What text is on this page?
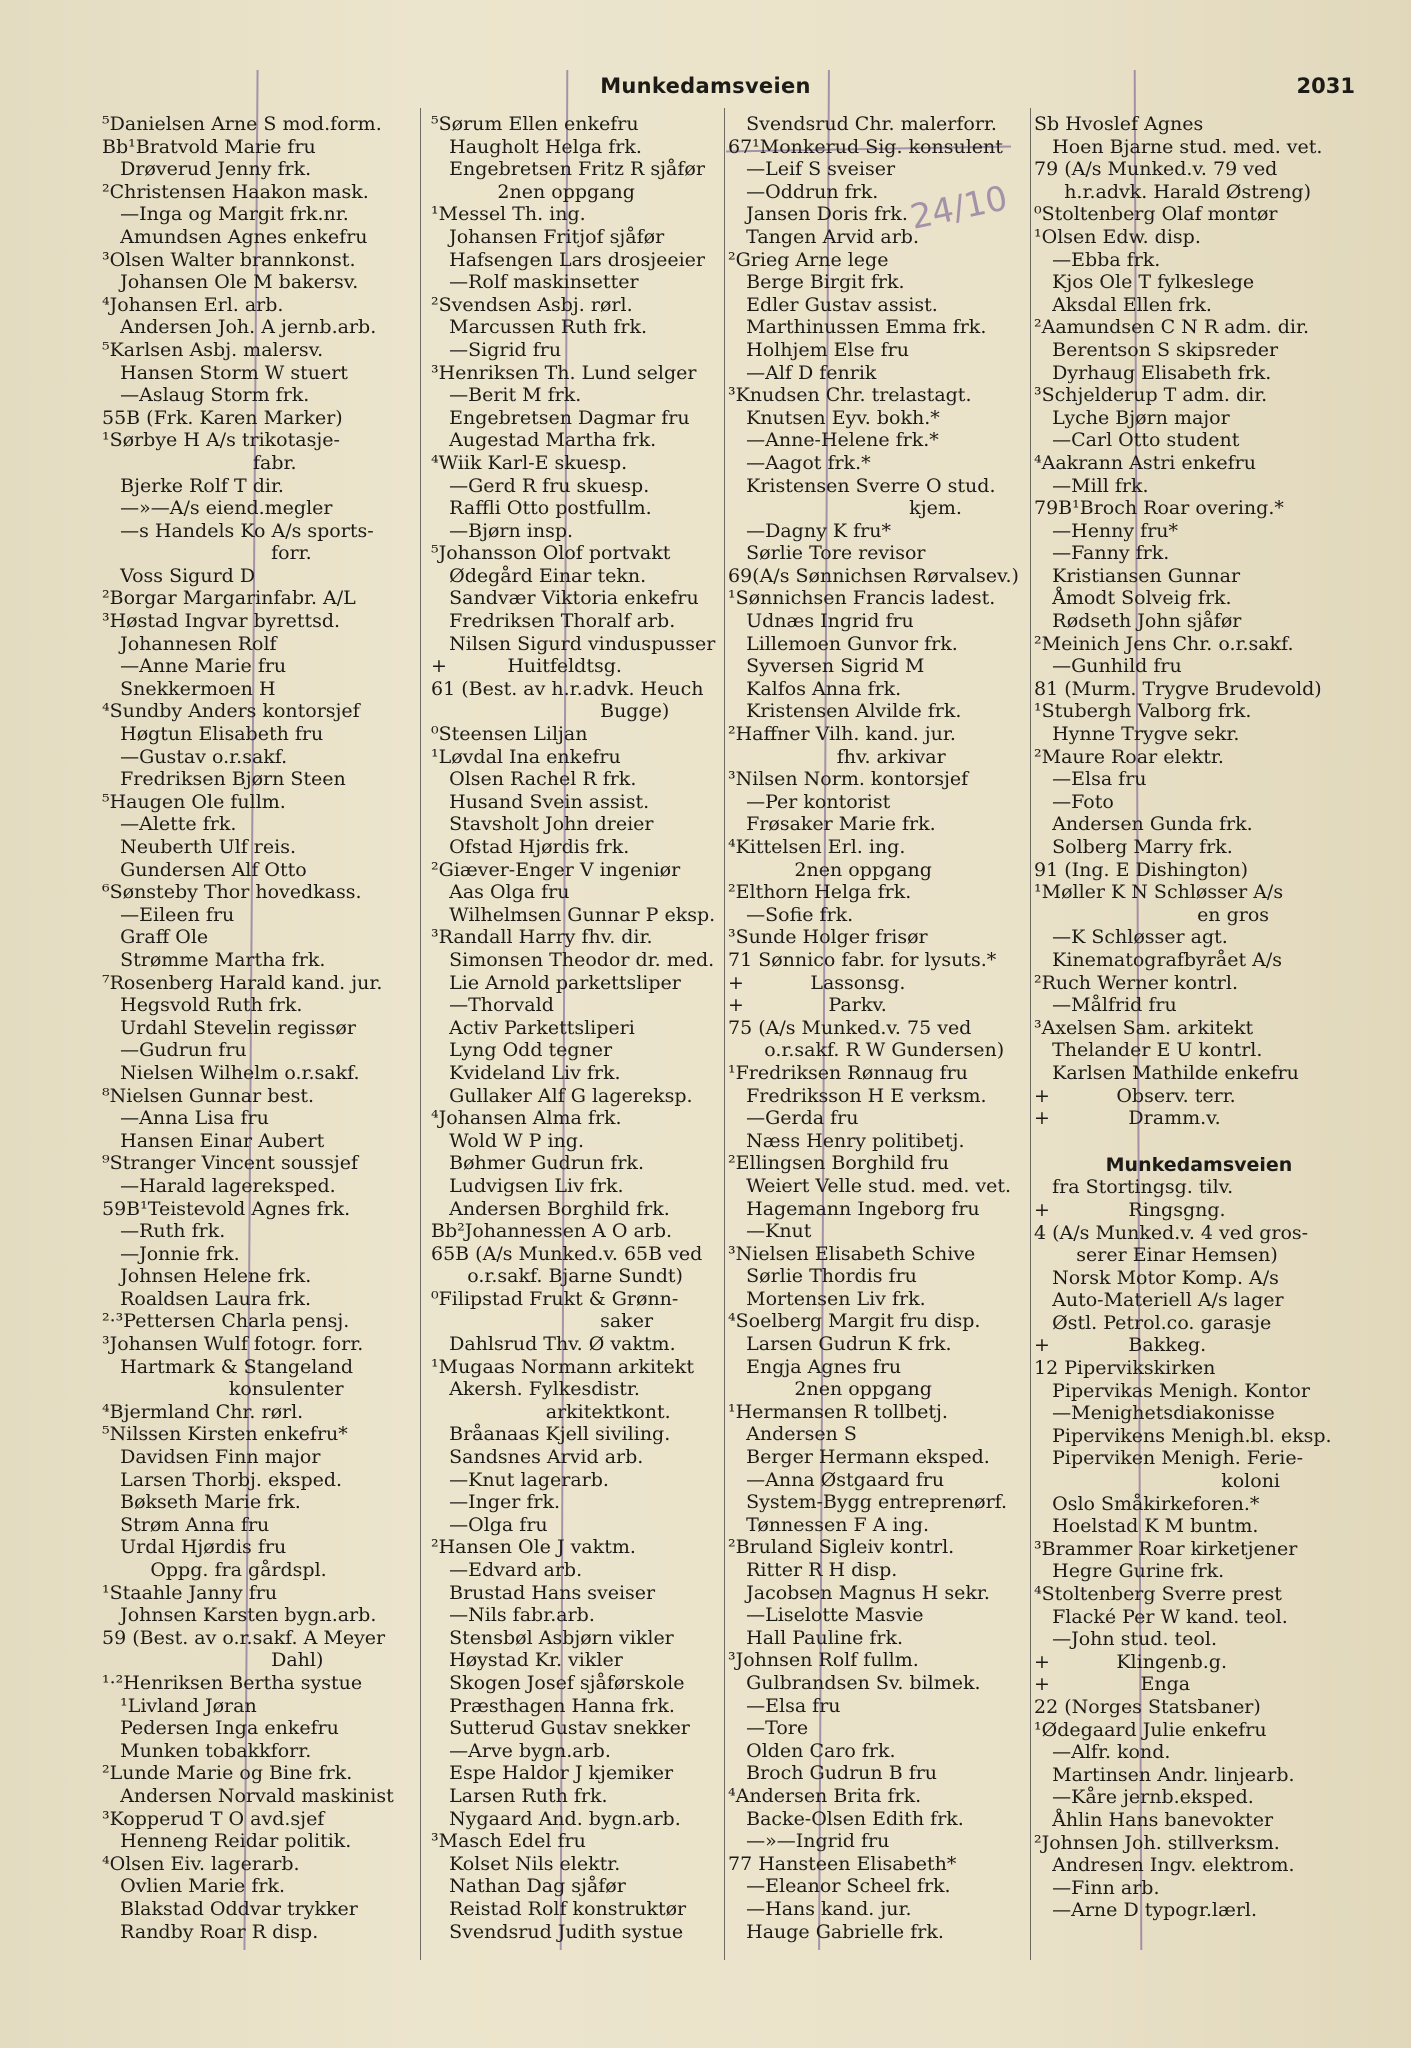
Munkedamsveien	2031
24/10
⁵Danielsen Arne S mod.form.
Bb¹Bratvold Marie fru
Drøverud Jenny frk.
²Christensen Haakon mask.
—Inga og Margit frk.nr.
Amundsen Agnes enkefru
³Olsen Walter brannkonst.
Johansen Ole M bakersv.
⁴Johansen Erl. arb.
Andersen Joh. A jernb.arb.
⁵Karlsen Asbj. malersv.
Hansen Storm W stuert
—Aslaug Storm frk.
55B (Frk. Karen Marker)
¹Sørbye H A/s trikotasje-
fabr.
Bjerke Rolf T dir.
—»—A/s eiend.megler
—s Handels Ko A/s sports-
forr.
Voss Sigurd D
²Borgar Margarinfabr. A/L
³Høstad Ingvar byrettsd.
Johannesen Rolf
—Anne Marie fru
Snekkermoen H
⁴Sundby Anders kontorsjef
Høgtun Elisabeth fru
—Gustav o.r.sakf.
Fredriksen Bjørn Steen
⁵Haugen Ole fullm.
—Alette frk.
Neuberth Ulf reis.
Gundersen Alf Otto
⁶Sønsteby Thor hovedkass.
—Eileen fru
Graff Ole
Strømme Martha frk.
⁷Rosenberg Harald kand. jur.
Hegsvold Ruth frk.
Urdahl Stevelin regissør
—Gudrun fru
Nielsen Wilhelm o.r.sakf.
⁸Nielsen Gunnar best.
—Anna Lisa fru
Hansen Einar Aubert
⁹Stranger Vincent soussjef
—Harald lagereksped.
59B¹Teistevold Agnes frk.
—Ruth frk.
—Jonnie frk.
Johnsen Helene frk.
Roaldsen Laura frk.
²·³Pettersen Charla pensj.
³Johansen Wulf fotogr. forr.
Hartmark & Stangeland
konsulenter
⁴Bjermland Chr. rørl.
⁵Nilssen Kirsten enkefru*
Davidsen Finn major
Larsen Thorbj. eksped.
Bøkseth Marie frk.
Strøm Anna fru
Urdal Hjørdis fru
Oppg. fra gårdspl.
¹Staahle Janny fru
Johnsen Karsten bygn.arb.
59 (Best. av o.r.sakf. A Meyer
Dahl)
¹·²Henriksen Bertha systue
¹Livland Jøran
Pedersen Inga enkefru
Munken tobakkforr.
²Lunde Marie og Bine frk.
Andersen Norvald maskinist
³Kopperud T O avd.sjef
Henneng Reidar politik.
⁴Olsen Eiv. lagerarb.
Ovlien Marie frk.
Blakstad Oddvar trykker
Randby Roar R disp.
⁵Sørum Ellen enkefru
Haugholt Helga frk.
Engebretsen Fritz R sjåfør
2nen oppgang
¹Messel Th. ing.
Johansen Fritjof sjåfør
Hafsengen Lars drosjeeier
—Rolf maskinsetter
²Svendsen Asbj. rørl.
Marcussen Ruth frk.
—Sigrid fru
³Henriksen Th. Lund selger
—Berit M frk.
Engebretsen Dagmar fru
Augestad Martha frk.
⁴Wiik Karl-E skuesp.
—Gerd R fru skuesp.
Raffli Otto postfullm.
—Bjørn insp.
⁵Johansson Olof portvakt
Ødegård Einar tekn.
Sandvær Viktoria enkefru
Fredriksen Thoralf arb.
Nilsen Sigurd vinduspusser
+          Huitfeldtsg.
61 (Best. av h.r.advk. Heuch
Bugge)
⁰Steensen Liljan
¹Løvdal Ina enkefru
Olsen Rachel R frk.
Husand Svein assist.
Stavsholt John dreier
Ofstad Hjørdis frk.
²Giæver-Enger V ingeniør
Aas Olga fru
Wilhelmsen Gunnar P eksp.
³Randall Harry fhv. dir.
Simonsen Theodor dr. med.
Lie Arnold parkettsliper
—Thorvald
Activ Parkettsliperi
Lyng Odd tegner
Kvideland Liv frk.
Gullaker Alf G lagereksp.
⁴Johansen Alma frk.
Wold W P ing.
Bøhmer Gudrun frk.
Ludvigsen Liv frk.
Andersen Borghild frk.
Bb²Johannessen A O arb.
65B (A/s Munked.v. 65B ved
o.r.sakf. Bjarne Sundt)
⁰Filipstad Frukt & Grønn-
saker
Dahlsrud Thv. Ø vaktm.
¹Mugaas Normann arkitekt
Akersh. Fylkesdistr.
arkitektkont.
Bråanaas Kjell siviling.
Sandsnes Arvid arb.
—Knut lagerarb.
—Inger frk.
—Olga fru
²Hansen Ole J vaktm.
—Edvard arb.
Brustad Hans sveiser
—Nils fabr.arb.
Stensbøl Asbjørn vikler
Høystad Kr. vikler
Skogen Josef sjåførskole
Præsthagen Hanna frk.
Sutterud Gustav snekker
—Arve bygn.arb.
Espe Haldor J kjemiker
Larsen Ruth frk.
Nygaard And. bygn.arb.
³Masch Edel fru
Kolset Nils elektr.
Nathan Dag sjåfør
Reistad Rolf konstruktør
Svendsrud Judith systue
Svendsrud Chr. malerforr.
67¹Monkerud Sig. konsulent
—Leif S sveiser
—Oddrun frk.
Jansen Doris frk.
Tangen Arvid arb.
²Grieg Arne lege
Berge Birgit frk.
Edler Gustav assist.
Marthinussen Emma frk.
Holhjem Else fru
—Alf D fenrik
³Knudsen Chr. trelastagt.
Knutsen Eyv. bokh.*
—Anne-Helene frk.*
—Aagot frk.*
Kristensen Sverre O stud.
kjem.
—Dagny K fru*
Sørlie Tore revisor
69(A/s Sønnichsen Rørvalsev.)
¹Sønnichsen Francis ladest.
Udnæs Ingrid fru
Lillemoen Gunvor frk.
Syversen Sigrid M
Kalfos Anna frk.
Kristensen Alvilde frk.
²Haffner Vilh. kand. jur.
fhv. arkivar
³Nilsen Norm. kontorsjef
—Per kontorist
Frøsaker Marie frk.
⁴Kittelsen Erl. ing.
2nen oppgang
²Elthorn Helga frk.
—Sofie frk.
³Sunde Holger frisør
71 Sønnico fabr. for lysuts.*
+           Lassonsg.
+              Parkv.
75 (A/s Munked.v. 75 ved
o.r.sakf. R W Gundersen)
¹Fredriksen Rønnaug fru
Fredriksson H E verksm.
—Gerda fru
Næss Henry politibetj.
²Ellingsen Borghild fru
Weiert Velle stud. med. vet.
Hagemann Ingeborg fru
—Knut
³Nielsen Elisabeth Schive
Sørlie Thordis fru
Mortensen Liv frk.
⁴Soelberg Margit fru disp.
Larsen Gudrun K frk.
Engja Agnes fru
2nen oppgang
¹Hermansen R tollbetj.
Andersen S
Berger Hermann eksped.
—Anna Østgaard fru
System-Bygg entreprenørf.
Tønnessen F A ing.
²Bruland Sigleiv kontrl.
Ritter R H disp.
Jacobsen Magnus H sekr.
—Liselotte Masvie
Hall Pauline frk.
³Johnsen Rolf fullm.
Gulbrandsen Sv. bilmek.
—Elsa fru
—Tore
Olden Caro frk.
Broch Gudrun B fru
⁴Andersen Brita frk.
Backe-Olsen Edith frk.
—»—Ingrid fru
77 Hansteen Elisabeth*
—Eleanor Scheel frk.
—Hans kand. jur.
Hauge Gabrielle frk.
Sb Hvoslef Agnes
Hoen Bjarne stud. med. vet.
79 (A/s Munked.v. 79 ved
h.r.advk. Harald Østreng)
⁰Stoltenberg Olaf montør
¹Olsen Edw. disp.
—Ebba frk.
Kjos Ole T fylkeslege
Aksdal Ellen frk.
²Aamundsen C N R adm. dir.
Berentson S skipsreder
Dyrhaug Elisabeth frk.
³Schjelderup T adm. dir.
Lyche Bjørn major
—Carl Otto student
⁴Aakrann Astri enkefru
—Mill frk.
79B¹Broch Roar overing.*
—Henny fru*
—Fanny frk.
Kristiansen Gunnar
Åmodt Solveig frk.
Rødseth John sjåfør
²Meinich Jens Chr. o.r.sakf.
—Gunhild fru
81 (Murm. Trygve Brudevold)
¹Stubergh Valborg frk.
Hynne Trygve sekr.
²Maure Roar elektr.
—Elsa fru
—Foto
Andersen Gunda frk.
Solberg Marry frk.
91 (Ing. E Dishington)
¹Møller K N Schløsser A/s
en gros
—K Schløsser agt.
Kinematografbyrået A/s
²Ruch Werner kontrl.
—Målfrid fru
³Axelsen Sam. arkitekt
Thelander E U kontrl.
Karlsen Mathilde enkefru
+           Observ. terr.
+             Dramm.v.
Munkedamsveien
fra Stortingsg. tilv.
+             Ringsgng.
4 (A/s Munked.v. 4 ved gros-
serer Einar Hemsen)
Norsk Motor Komp. A/s
Auto-Materiell A/s lager
Østl. Petrol.co. garasje
+             Bakkeg.
12 Pipervikskirken
Pipervikas Menigh. Kontor
—Menighetsdiakonisse
Pipervikens Menigh.bl. eksp.
Piperviken Menigh. Ferie-
koloni
Oslo Småkirkeforen.*
Hoelstad K M buntm.
³Brammer Roar kirketjener
Hegre Gurine frk.
⁴Stoltenberg Sverre prest
Flacké Per W kand. teol.
—John stud. teol.
+           Klingenb.g.
+               Enga
22 (Norges Statsbaner)
¹Ødegaard Julie enkefru
—Alfr. kond.
Martinsen Andr. linjearb.
—Kåre jernb.eksped.
Åhlin Hans banevokter
²Johnsen Joh. stillverksm.
Andresen Ingv. elektrom.
—Finn arb.
—Arne D typogr.lærl.
